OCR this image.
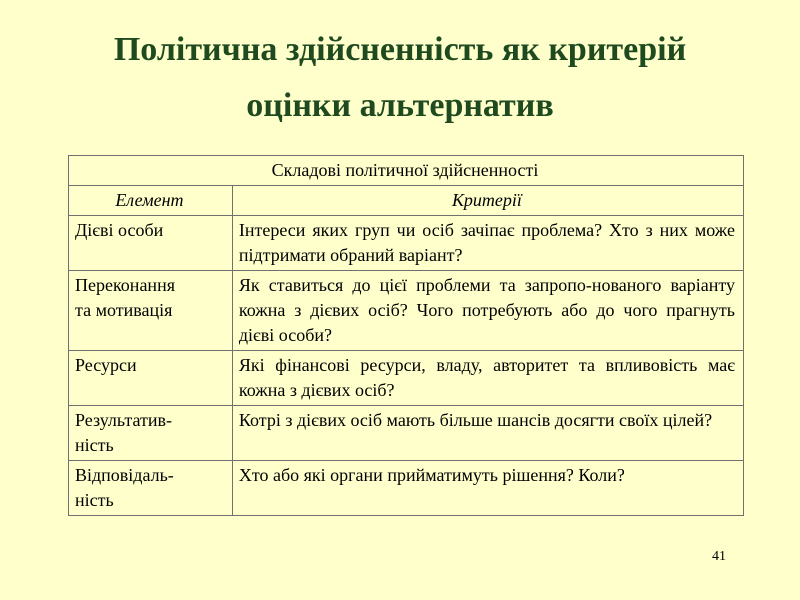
Політична здійсненність як критерій
оцінки альтернатив
Складові політичної здійсненності	
Елемент	Критерії

Дієві особи	Інтереси яких груп чи осіб зачіпає проблема? Хто з них може підтримати обраний варіант?

Переконання
та мотивація	Як ставиться до цієї проблеми та запропо-нованого варіанту кожна з дієвих осіб? Чого потребують або до чого прагнуть дієві особи?

Ресурси	Які фінансові ресурси, владу, авторитет та впливовість має кожна з дієвих осіб?

Результатив-
ність	Котрі з дієвих осіб мають більше шансів досягти своїх цілей?

Відповідаль-
ність	Хто або які органи прийматимуть рішення? Коли?
41
